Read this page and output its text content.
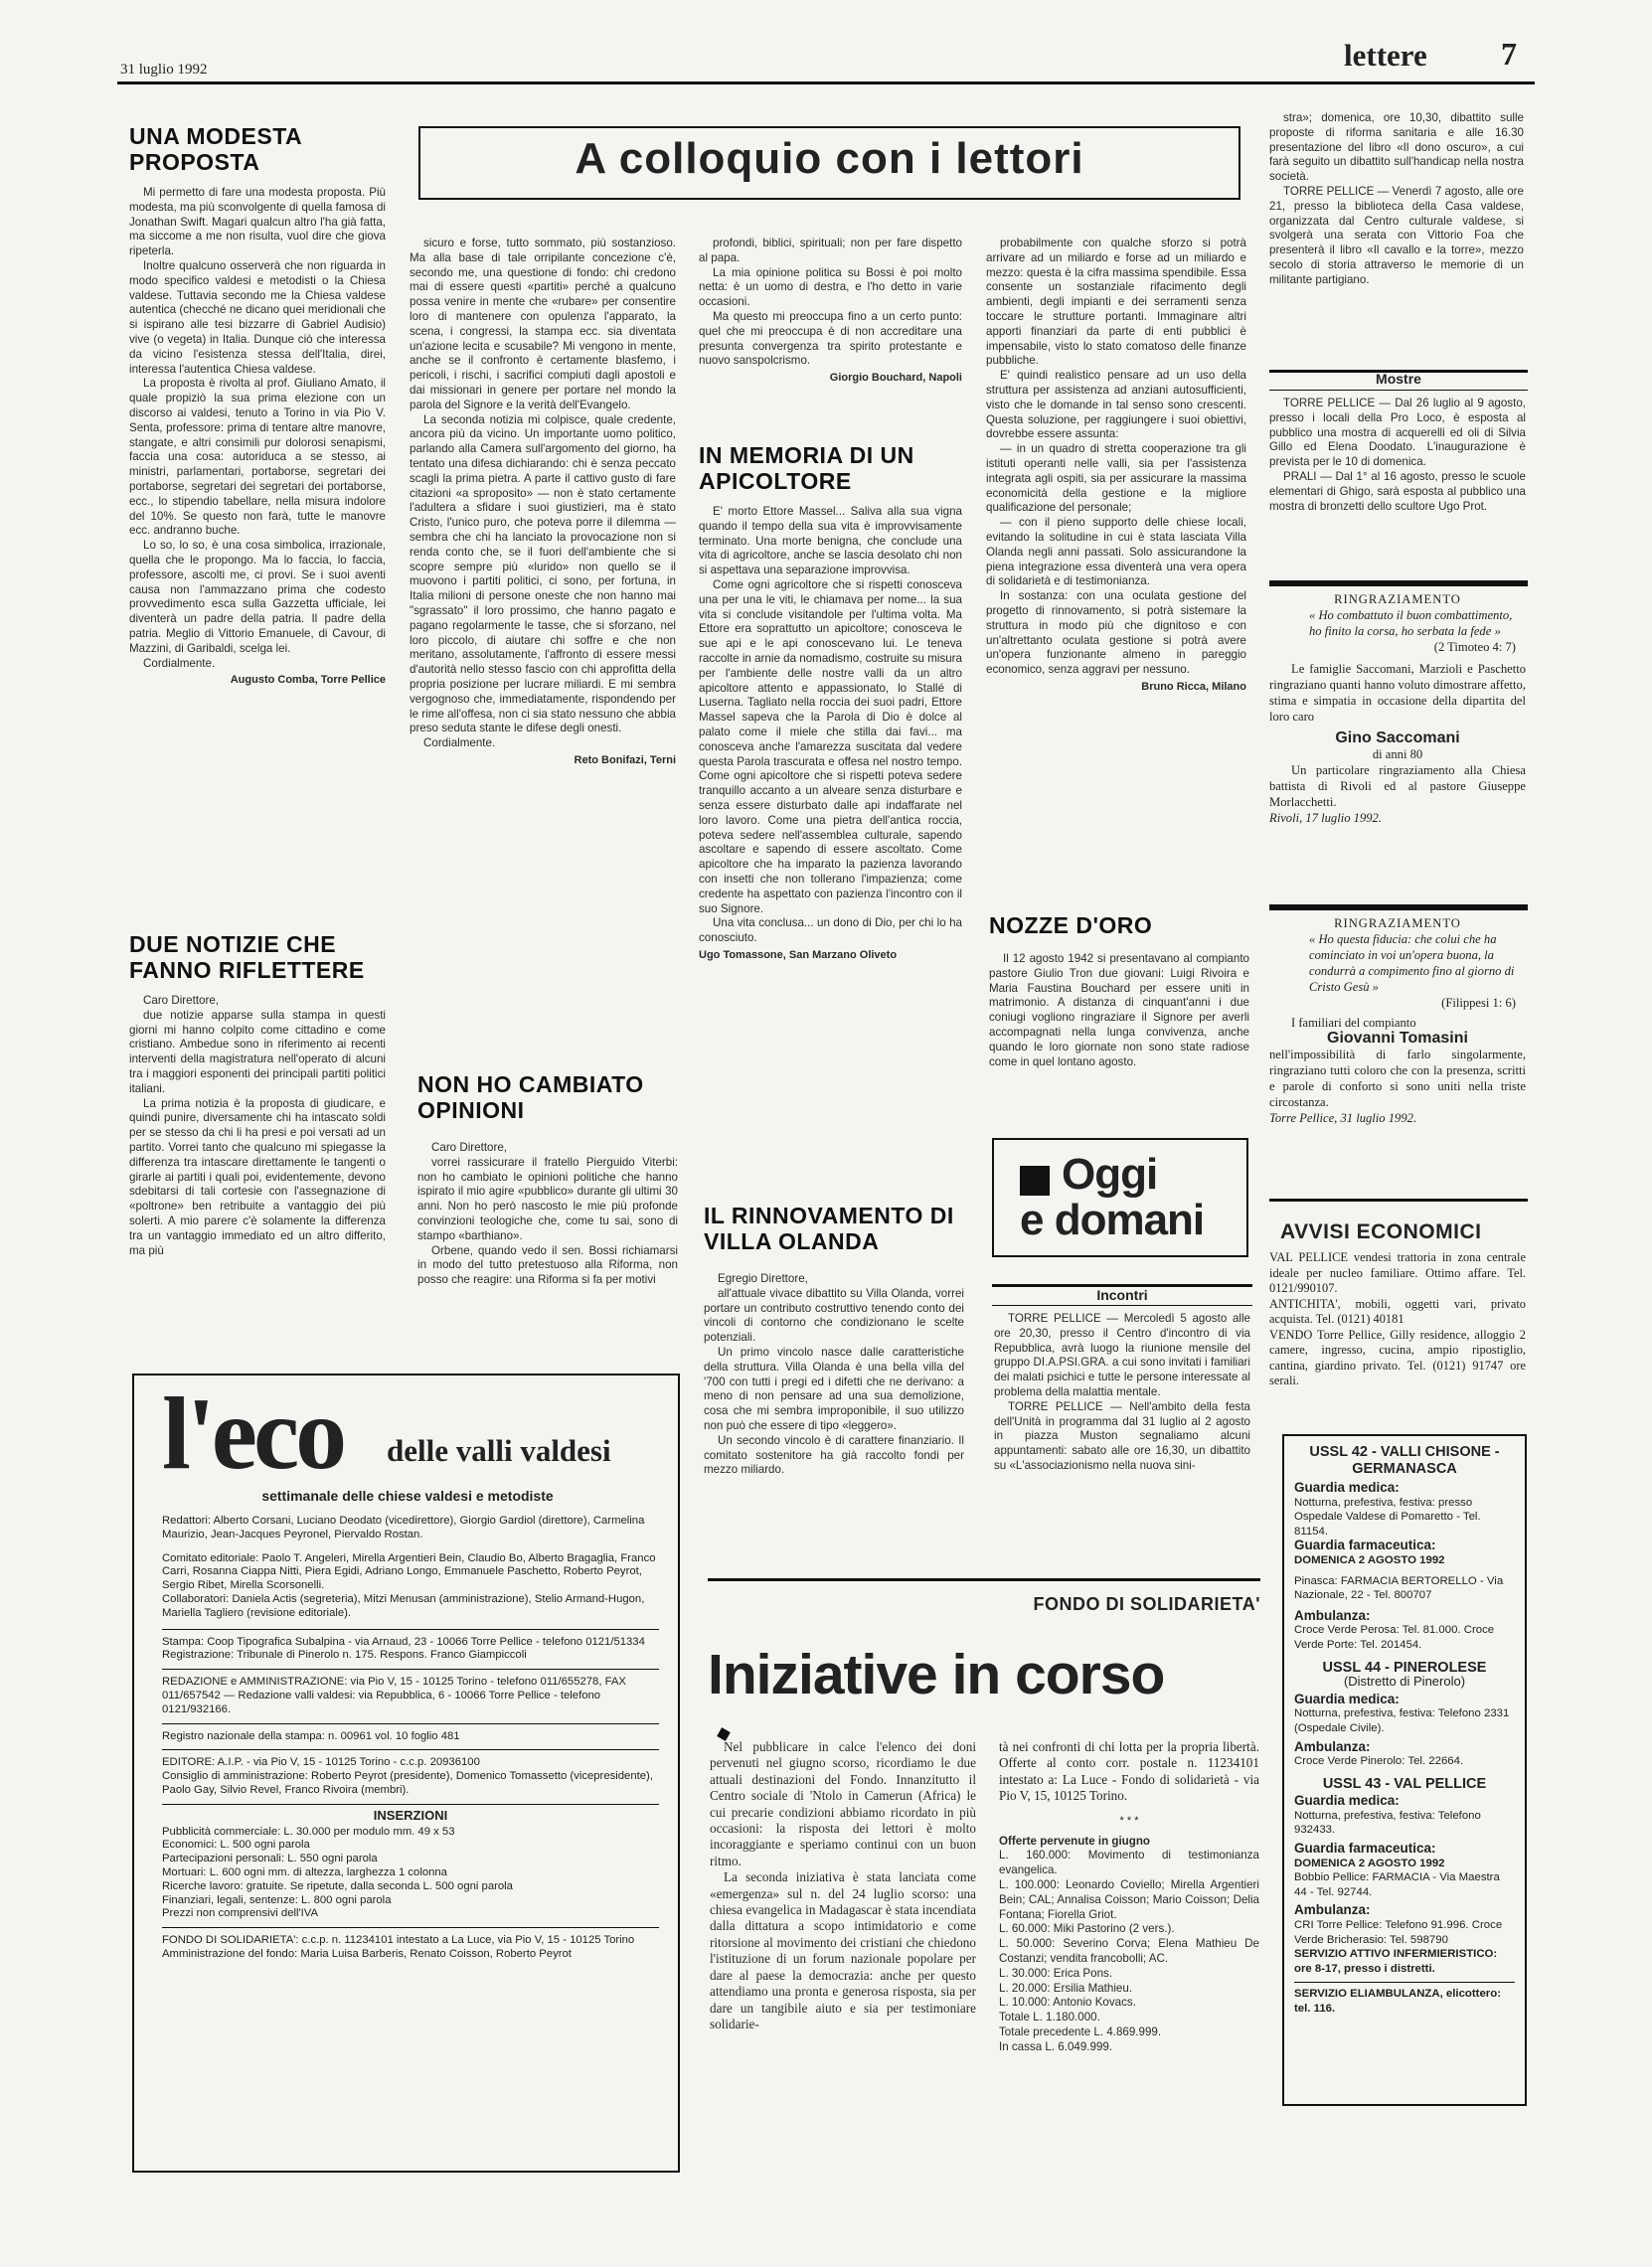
31 luglio 1992	lettere 7
A colloquio con i lettori
UNA MODESTA PROPOSTA

Mi permetto di fare una modesta proposta. Più modesta, ma più sconvolgente di quella famosa di Jonathan Swift. Magari qualcun altro l'ha già fatta, ma siccome a me non risulta, vuol dire che giova ripeterla.

Inoltre qualcuno osserverà che non riguarda in modo specifico valdesi e metodisti o la Chiesa valdese. Tuttavia secondo me la Chiesa valdese autentica (checché ne dicano quei meridionali che si ispirano alle tesi bizzarre di Gabriel Audisio) vive (o vegeta) in Italia. Dunque ciò che interessa da vicino l'esistenza stessa dell'Italia, direi, interessa l'autentica Chiesa valdese.

La proposta è rivolta al prof. Giuliano Amato, il quale propiziò la sua prima elezione con un discorso ai valdesi, tenuto a Torino in via Pio V. Senta, professore: prima di tentare altre manovre, stangate, e altri consimili pur dolorosi senapismi, faccia una cosa: autoriduca a se stesso, ai ministri, parlamentari, portaborse, segretari dei portaborse, segretari dei segretari dei portaborse, ecc., lo stipendio tabellare, nella misura indolore del 10%. Se questo non farà, tutte le manovre ecc. andranno buche.

Lo so, lo so, è una cosa simbolica, irrazionale, quella che le propongo. Ma lo faccia, lo faccia, professore, ascolti me, ci provi. Se i suoi aventi causa non l'ammazzano prima che codesto provvedimento esca sulla Gazzetta ufficiale, lei diventerà un padre della patria. Il padre della patria. Meglio di Vittorio Emanuele, di Cavour, di Mazzini, di Garibaldi, scelga lei.

Cordialmente.

Augusto Comba, Torre Pellice

DUE NOTIZIE CHE FANNO RIFLETTERE

Caro Direttore,

due notizie apparse sulla stampa in questi giorni mi hanno colpito come cittadino e come cristiano. Ambedue sono in riferimento ai recenti interventi della magistratura nell'operato di alcuni tra i maggiori esponenti dei principali partiti politici italiani.

La prima notizia è la proposta di giudicare, e quindi punire, diversamente chi ha intascato soldi per se stesso da chi li ha presi e poi versati ad un partito. Vorrei tanto che qualcuno mi spiegasse la differenza tra intascare direttamente le tangenti o girarle ai partiti i quali poi, evidentemente, devono sdebitarsi di tali cortesie con l'assegnazione di «poltrone» ben retribuite a vantaggio dei più solerti. A mio parere c'è solamente la differenza tra un vantaggio immediato ed un altro differito, ma più

sicuro e forse, tutto sommato, più sostanzioso. Ma alla base di tale orripilante concezione c'è, secondo me, una questione di fondo: chi credono mai di essere questi «partiti» perché a qualcuno possa venire in mente che «rubare» per consentire loro di mantenere con opulenza l'apparato, la scena, i congressi, la stampa ecc. sia diventata un'azione lecita e scusabile? Mi vengono in mente, anche se il confronto è certamente blasfemo, i pericoli, i rischi, i sacrifici compiuti dagli apostoli e dai missionari in genere per portare nel mondo la parola del Signore e la verità dell'Evangelo.

La seconda notizia mi colpisce, quale credente, ancora più da vicino. Un importante uomo politico, parlando alla Camera sull'argomento del giorno, ha tentato una difesa dichiarando: chi è senza peccato scagli la prima pietra. A parte il cattivo gusto di fare citazioni «a sproposito» — non è stato certamente l'adultera a sfidare i suoi giustizieri, ma è stato Cristo, l'unico puro, che poteva porre il dilemma — sembra che chi ha lanciato la provocazione non si renda conto che, se il fuori dell'ambiente che si scopre sempre più «lurido» non quello se il muovono i partiti politici, ci sono, per fortuna, in Italia milioni di persone oneste che non hanno mai "sgrassato" il loro prossimo, che hanno pagato e pagano regolarmente le tasse, che si sforzano, nel loro piccolo, di aiutare chi soffre e che non meritano, assolutamente, l'affronto di essere messi d'autorità nello stesso fascio con chi approfitta della propria posizione per lucrare miliardi. E mi sembra vergognoso che, immediatamente, rispondendo per le rime all'offesa, non ci sia stato nessuno che abbia preso seduta stante le difese degli onesti.

Cordialmente.

Reto Bonifazi, Terni

NON HO CAMBIATO OPINIONI

Caro Direttore,

vorrei rassicurare il fratello Pierguido Viterbi: non ho cambiato le opinioni politiche che hanno ispirato il mio agire «pubblico» durante gli ultimi 30 anni. Non ho però nascosto le mie più profonde convinzioni teologiche che, come tu sai, sono di stampo «barthiano».

Orbene, quando vedo il sen. Bossi richiamarsi in modo del tutto pretestuoso alla Riforma, non posso che reagire: una Riforma si fa per motivi

profondi, biblici, spirituali; non per fare dispetto al papa.

La mia opinione politica su Bossi è poi molto netta: è un uomo di destra, e l'ho detto in varie occasioni.

Ma questo mi preoccupa fino a un certo punto: quel che mi preoccupa è di non accreditare una presunta convergenza tra spirito protestante e nuovo sanspolcrismo.

Giorgio Bouchard, Napoli

IN MEMORIA DI UN APICOLTORE

E' morto Ettore Massel... Saliva alla sua vigna quando il tempo della sua vita è improvvisamente terminato. Una morte benigna, che conclude una vita di agricoltore, anche se lascia desolato chi non si aspettava una separazione improvvisa.

Come ogni agricoltore che si rispetti conosceva una per una le viti, le chiamava per nome... la sua vita si conclude visitandole per l'ultima volta. Ma Ettore era soprattutto un apicoltore; conosceva le sue api e le api conoscevano lui. Le teneva raccolte in arnie da nomadismo, costruite su misura per l'ambiente delle nostre valli da un altro apicoltore attento e appassionato, lo Stallé di Luserna. Tagliato nella roccia dei suoi padri, Ettore Massel sapeva che la Parola di Dio è dolce al palato come il miele che stilla dai favi... ma conosceva anche l'amarezza suscitata dal vedere questa Parola trascurata e offesa nel nostro tempo. Come ogni apicoltore che si rispetti poteva sedere tranquillo accanto a un alveare senza disturbare e senza essere disturbato dalle api indaffarate nel loro lavoro. Come una pietra dell'antica roccia, poteva sedere nell'assemblea culturale, sapendo ascoltare e sapendo di essere ascoltato. Come apicoltore che ha imparato la pazienza lavorando con insetti che non tollerano l'impazienza; come credente ha aspettato con pazienza l'incontro con il suo Signore.

Una vita conclusa... un dono di Dio, per chi lo ha conosciuto.

Ugo Tomassone, San Marzano Oliveto

IL RINNOVAMENTO DI VILLA OLANDA

Egregio Direttore,

all'attuale vivace dibattito su Villa Olanda, vorrei portare un contributo costruttivo tenendo conto dei vincoli di contorno che condizionano le scelte potenziali.

Un primo vincolo nasce dalle caratteristiche della struttura. Villa Olanda è una bella villa del '700 con tutti i pregi ed i difetti che ne derivano: a meno di non pensare ad una sua demolizione, cosa che mi sembra improponibile, il suo utilizzo non può che essere di tipo «leggero».

Un secondo vincolo è di carattere finanziario. Il comitato sostenitore ha già raccolto fondi per mezzo miliardo.

probabilmente con qualche sforzo si potrà arrivare ad un miliardo e forse ad un miliardo e mezzo: questa è la cifra massima spendibile. Essa consente un sostanziale rifacimento degli ambienti, degli impianti e dei serramenti senza toccare le strutture portanti. Immaginare altri apporti finanziari da parte di enti pubblici è impensabile, visto lo stato comatoso delle finanze pubbliche.

E' quindi realistico pensare ad un uso della struttura per assistenza ad anziani autosufficienti, visto che le domande in tal senso sono crescenti. Questa soluzione, per raggiungere i suoi obiettivi, dovrebbe essere assunta:

— in un quadro di stretta cooperazione tra gli istituti operanti nelle valli, sia per l'assistenza integrata agli ospiti, sia per assicurare la massima economicità della gestione e la migliore qualificazione del personale;

— con il pieno supporto delle chiese locali, evitando la solitudine in cui è stata lasciata Villa Olanda negli anni passati. Solo assicurandone la piena integrazione essa diventerà una vera opera di solidarietà e di testimonianza.

In sostanza: con una oculata gestione del progetto di rinnovamento, si potrà sistemare la struttura in modo più che dignitoso e con un'altrettanto oculata gestione si potrà avere un'opera funzionante almeno in pareggio economico, senza aggravi per nessuno.

Bruno Ricca, Milano

NOZZE D'ORO

Il 12 agosto 1942 si presentavano al compianto pastore Giulio Tron due giovani: Luigi Rivoira e Maria Faustina Bouchard per essere uniti in matrimonio. A distanza di cinquant'anni i due coniugi vogliono ringraziare il Signore per averli accompagnati nella lunga convivenza, anche quando le loro giornate non sono state radiose come in quel lontano agosto.

Oggi
e domani
Incontri

TORRE PELLICE — Mercoledì 5 agosto alle ore 20,30, presso il Centro d'incontro di via Repubblica, avrà luogo la riunione mensile del gruppo DI.A.PSI.GRA. a cui sono invitati i familiari dei malati psichici e tutte le persone interessate al problema della malattia mentale.

TORRE PELLICE — Nell'ambito della festa dell'Unità in programma dal 31 luglio al 2 agosto in piazza Muston segnaliamo alcuni appuntamenti: sabato alle ore 16,30, un dibattito su «L'associazionismo nella nuova sini-

stra»; domenica, ore 10,30, dibattito sulle proposte di riforma sanitaria e alle 16.30 presentazione del libro «Il dono oscuro», a cui farà seguito un dibattito sull'handicap nella nostra società.

TORRE PELLICE — Venerdì 7 agosto, alle ore 21, presso la biblioteca della Casa valdese, organizzata dal Centro culturale valdese, si svolgerà una serata con Vittorio Foa che presenterà il libro «Il cavallo e la torre», mezzo secolo di storia attraverso le memorie di un militante partigiano.

Mostre

TORRE PELLICE — Dal 26 luglio al 9 agosto, presso i locali della Pro Loco, è esposta al pubblico una mostra di acquerelli ed oli di Silvia Gillo ed Elena Doodato. L'inaugurazione è prevista per le 10 di domenica.

PRALI — Dal 1° al 16 agosto, presso le scuole elementari di Ghigo, sarà esposta al pubblico una mostra di bronzetti dello scultore Ugo Prot.

RINGRAZIAMENTO
« Ho combattuto il buon combattimento, ho finito la corsa, ho serbata la fede »
(2 Timoteo 4: 7)
Le famiglie Saccomani, Marzioli e Paschetto ringraziano quanti hanno voluto dimostrare affetto, stima e simpatia in occasione della dipartita del loro caro
Gino Saccomani
di anni 80
Un particolare ringraziamento alla Chiesa battista di Rivoli ed al pastore Giuseppe Morlacchetti.
Rivoli, 17 luglio 1992.
RINGRAZIAMENTO
« Ho questa fiducia: che colui che ha cominciato in voi un'opera buona, la condurrà a compimento fino al giorno di Cristo Gesù »
(Filippesi 1: 6)
I familiari del compianto
Giovanni Tomasini
nell'impossibilità di farlo singolarmente, ringraziano tutti coloro che con la presenza, scritti e parole di conforto si sono uniti nella triste circostanza.
Torre Pellice, 31 luglio 1992.
AVVISI ECONOMICI
VAL PELLICE vendesi trattoria in zona centrale ideale per nucleo familiare. Ottimo affare. Tel. 0121/990107.
ANTICHITA', mobili, oggetti vari, privato acquista. Tel. (0121) 40181
VENDO Torre Pellice, Gilly residence, alloggio 2 camere, ingresso, cucina, ampio ripostiglio, cantina, giardino privato. Tel. (0121) 91747 ore serali.
USSL 42 - VALLI CHISONE - GERMANASCA
Guardia medica:
Notturna, prefestiva, festiva: presso Ospedale Valdese di Pomaretto - Tel. 81154.
Guardia farmaceutica:
DOMENICA 2 AGOSTO 1992
Pinasca: FARMACIA BERTORELLO - Via Nazionale, 22 - Tel. 800707
Ambulanza:
Croce Verde Perosa: Tel. 81.000. Croce Verde Porte: Tel. 201454.
USSL 44 - PINEROLESE
(Distretto di Pinerolo)
Guardia medica:
Notturna, prefestiva, festiva: Telefono 2331 (Ospedale Civile).
Ambulanza:
Croce Verde Pinerolo: Tel. 22664.
USSL 43 - VAL PELLICE
Guardia medica:
Notturna, prefestiva, festiva: Telefono 932433.
Guardia farmaceutica:
DOMENICA 2 AGOSTO 1992
Bobbio Pellice: FARMACIA - Via Maestra 44 - Tel. 92744.
Ambulanza:
CRI Torre Pellice: Telefono 91.996. Croce Verde Bricherasio: Tel. 598790
SERVIZIO ATTIVO INFERMIERISTICO: ore 8-17, presso i distretti.
SERVIZIO ELIAMBULANZA, elicottero: tel. 116.
l'eco delle valli valdesi
settimanale delle chiese valdesi e metodiste
Redattori: Alberto Corsani, Luciano Deodato (vicedirettore), Giorgio Gardiol (direttore), Carmelina Maurizio, Jean-Jacques Peyronel, Piervaldo Rostan.
Comitato editoriale: Paolo T. Angeleri, Mirella Argentieri Bein, Claudio Bo, Alberto Bragaglia, Franco Carri, Rosanna Ciappa Nitti, Piera Egidi, Adriano Longo, Emmanuele Paschetto, Roberto Peyrot, Sergio Ribet, Mirella Scorsonelli.
Collaboratori: Daniela Actis (segreteria), Mitzi Menusan (amministrazione), Stelio Armand-Hugon, Mariella Tagliero (revisione editoriale).
Stampa: Coop Tipografica Subalpina - via Arnaud, 23 - 10066 Torre Pellice - telefono 0121/51334
Registrazione: Tribunale di Pinerolo n. 175. Respons. Franco Giampiccoli
REDAZIONE e AMMINISTRAZIONE: via Pio V, 15 - 10125 Torino - telefono 011/655278, FAX 011/657542 — Redazione valli valdesi: via Repubblica, 6 - 10066 Torre Pellice - telefono 0121/932166.
Registro nazionale della stampa: n. 00961 vol. 10 foglio 481
EDITORE: A.I.P. - via Pio V, 15 - 10125 Torino - c.c.p. 20936100
Consiglio di amministrazione: Roberto Peyrot (presidente), Domenico Tomassetto (vicepresidente), Paolo Gay, Silvio Revel, Franco Rivoira (membri).
INSERZIONI
Pubblicità commerciale: L. 30.000 per modulo mm. 49 x 53
Economici: L. 500 ogni parola
Partecipazioni personali: L. 550 ogni parola
Mortuari: L. 600 ogni mm. di altezza, larghezza 1 colonna
Ricerche lavoro: gratuite. Se ripetute, dalla seconda L. 500 ogni parola
Finanziari, legali, sentenze: L. 800 ogni parola
Prezzi non comprensivi dell'IVA
FONDO DI SOLIDARIETA': c.c.p. n. 11234101 intestato a La Luce, via Pio V, 15 - 10125 Torino
Amministrazione del fondo: Maria Luisa Barberis, Renato Coisson, Roberto Peyrot
FONDO DI SOLIDARIETA'
Iniziative in corso

Nel pubblicare in calce l'elenco dei doni pervenuti nel giugno scorso, ricordiamo le due attuali destinazioni del Fondo. Innanzitutto il Centro sociale di 'Ntolo in Camerun (Africa) le cui precarie condizioni abbiamo ricordato in più occasioni: la risposta dei lettori è molto incoraggiante e speriamo continui con un buon ritmo.

La seconda iniziativa è stata lanciata come «emergenza» sul n. del 24 luglio scorso: una chiesa evangelica in Madagascar è stata incendiata dalla dittatura a scopo intimidatorio e come ritorsione al movimento dei cristiani che chiedono l'istituzione di un forum nazionale popolare per dare al paese la democrazia: anche per questo attendiamo una pronta e generosa risposta, sia per dare un tangibile aiuto e sia per testimoniare solidarie-

tà nei confronti di chi lotta per la propria libertà. Offerte al conto corr. postale n. 11234101 intestato a: La Luce - Fondo di solidarietà - via Pio V, 15, 10125 Torino.
* * *
Offerte pervenute in giugno
L. 160.000: Movimento di testimonianza evangelica.
L. 100.000: Leonardo Coviello; Mirella Argentieri Bein; CAL; Annalisa Coisson; Mario Coisson; Delia Fontana; Fiorella Griot.
L. 60.000: Miki Pastorino (2 vers.).
L. 50.000: Severino Corva; Elena Mathieu De Costanzi; vendita francobolli; AC.
L. 30.000: Erica Pons.
L. 20.000: Ersilia Mathieu.
L. 10.000: Antonio Kovacs.
Totale L. 1.180.000.
Totale precedente L. 4.869.999.
In cassa L. 6.049.999.
